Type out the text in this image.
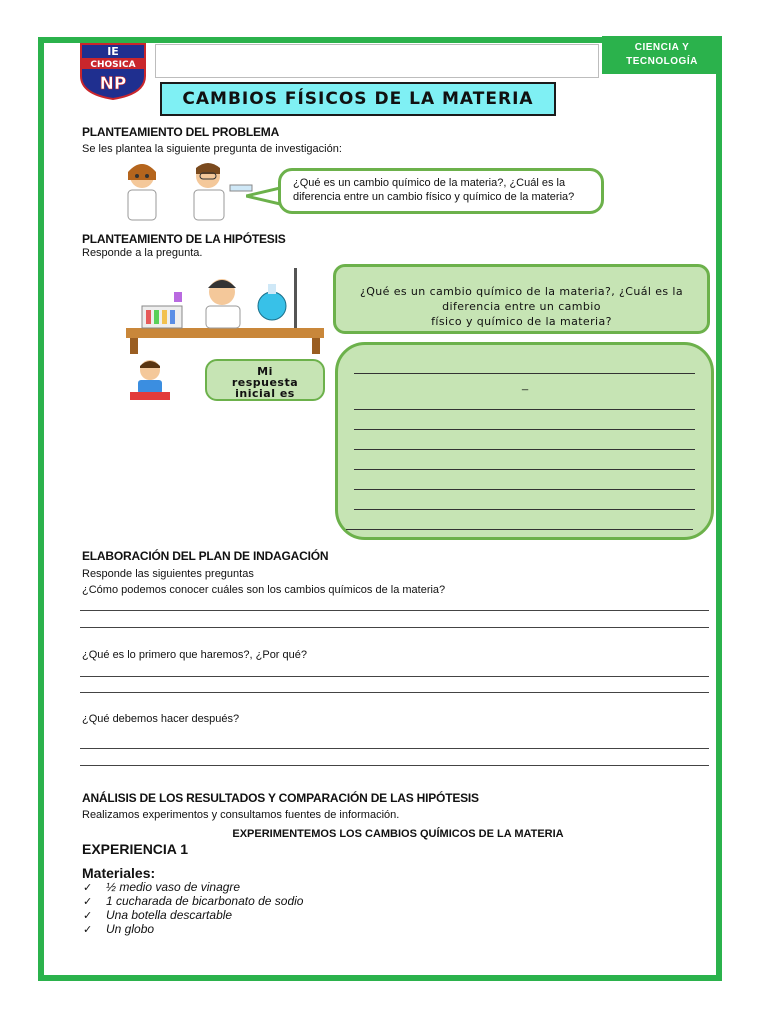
CIENCIA Y
TECNOLOGÍA
IE
CHOSICA
NP
CAMBIOS FÍSICOS DE LA MATERIA
PLANTEAMIENTO DEL PROBLEMA
Se les plantea la siguiente pregunta de investigación:
¿Qué es un cambio químico de la materia?, ¿Cuál es la
diferencia entre un cambio físico y químico de la materia?
PLANTEAMIENTO DE LA HIPÓTESIS
Responde a la pregunta.
¿Qué es un cambio químico de la materia?, ¿Cuál es la
diferencia entre un cambio
físico y químico de la materia?
_
Mi
respuesta
inicial es
ELABORACIÓN DEL PLAN DE INDAGACIÓN
Responde las siguientes preguntas
¿Cómo podemos conocer cuáles son los cambios químicos de la materia?
¿Qué es lo primero que haremos?, ¿Por qué?
¿Qué debemos hacer después?
ANÁLISIS DE LOS RESULTADOS Y COMPARACIÓN DE LAS HIPÓTESIS
Realizamos experimentos y consultamos fuentes de información.
EXPERIMENTEMOS LOS CAMBIOS QUÍMICOS DE LA MATERIA
EXPERIENCIA 1
Materiales:
✓ ½ medio vaso de vinagre
✓ 1 cucharada de bicarbonato de sodio
✓ Una botella descartable
✓ Un globo
